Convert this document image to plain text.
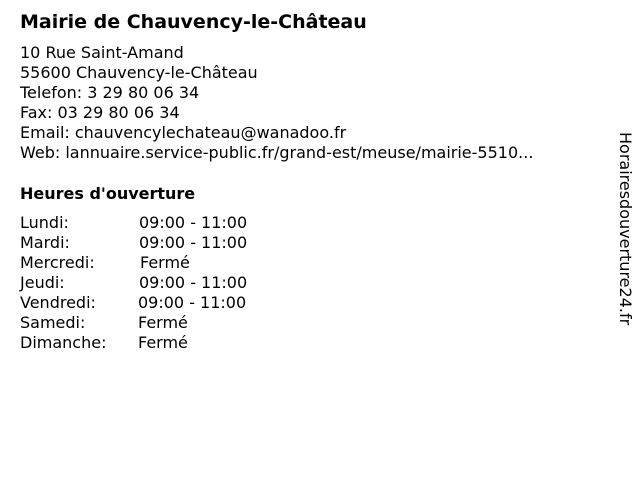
Mairie de Chauvency-le-Château
10 Rue Saint-Amand
55600 Chauvency-le-Château
Telefon: 3 29 80 06 34
Fax: 03 29 80 06 34
Email: chauvencylechateau@wanadoo.fr
Web: lannuaire.service-public.fr/grand-est/meuse/mairie-5510...
Heures d'ouverture
Lundi:	09:00 - 11:00
Mardi:	09:00 - 11:00
Mercredi:	Fermé
Jeudi:	09:00 - 11:00
Vendredi:	09:00 - 11:00
Samedi:	Fermé
Dimanche: Fermé
Horairesdouverture24.fr
